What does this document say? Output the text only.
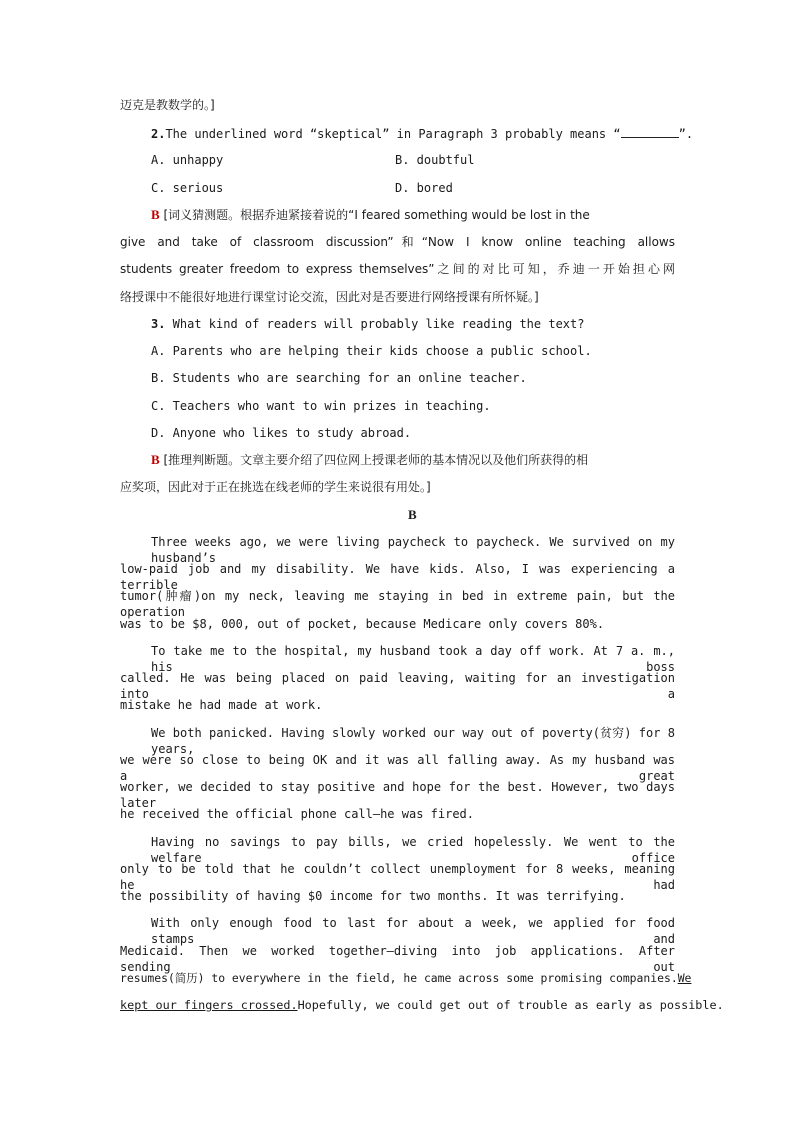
迈克是教数学的。]
2.The underlined word “skeptical” in Paragraph 3 probably means “	”.
A. unhappy	B. doubtful
C. serious	D. bored
B [词义猜测题。根据乔迪紧接着说的“I feared something would be lost in the
give and take of classroom discussion”和“Now I know online teaching allows
students greater freedom to express themselves”之间的对比可知，乔迪一开始担心网
络授课中不能很好地进行课堂讨论交流，因此对是否要进行网络授课有所怀疑。]
3. What kind of readers will probably like reading the text?
A. Parents who are helping their kids choose a public school.
B. Students who are searching for an online teacher.
C. Teachers who want to win prizes in teaching.
D. Anyone who likes to study abroad.
B [推理判断题。文章主要介绍了四位网上授课老师的基本情况以及他们所获得的相
应奖项，因此对于正在挑选在线老师的学生来说很有用处。]
B
Three weeks ago, we were living paycheck to paycheck. We survived on my husband’s
low-paid job and my disability. We have kids. Also, I was experiencing a terrible
tumor(肿瘤)on my neck, leaving me staying in bed in extreme pain, but the operation
was to be $8, 000, out of pocket, because Medicare only covers 80%.
To take me to the hospital, my husband took a day off work. At 7 a. m., his boss
called. He was being placed on paid leaving, waiting for an investigation into a
mistake he had made at work.
We both panicked. Having slowly worked our way out of poverty(贫穷) for 8 years,
we were so close to being OK and it was all falling away. As my husband was a great
worker, we decided to stay positive and hope for the best. However, two days later
he received the official phone call—he was fired.
Having no savings to pay bills, we cried hopelessly. We went to the welfare office
only to be told that he couldn’t collect unemployment for 8 weeks, meaning he had
the possibility of having $0 income for two months. It was terrifying.
With only enough food to last for about a week, we applied for food stamps and
Medicaid. Then we worked together—diving into job applications. After sending out
resumes(简历) to everywhere in the field, he came across some promising companies.We
kept our fingers crossed.Hopefully, we could get out of trouble as early as possible.
